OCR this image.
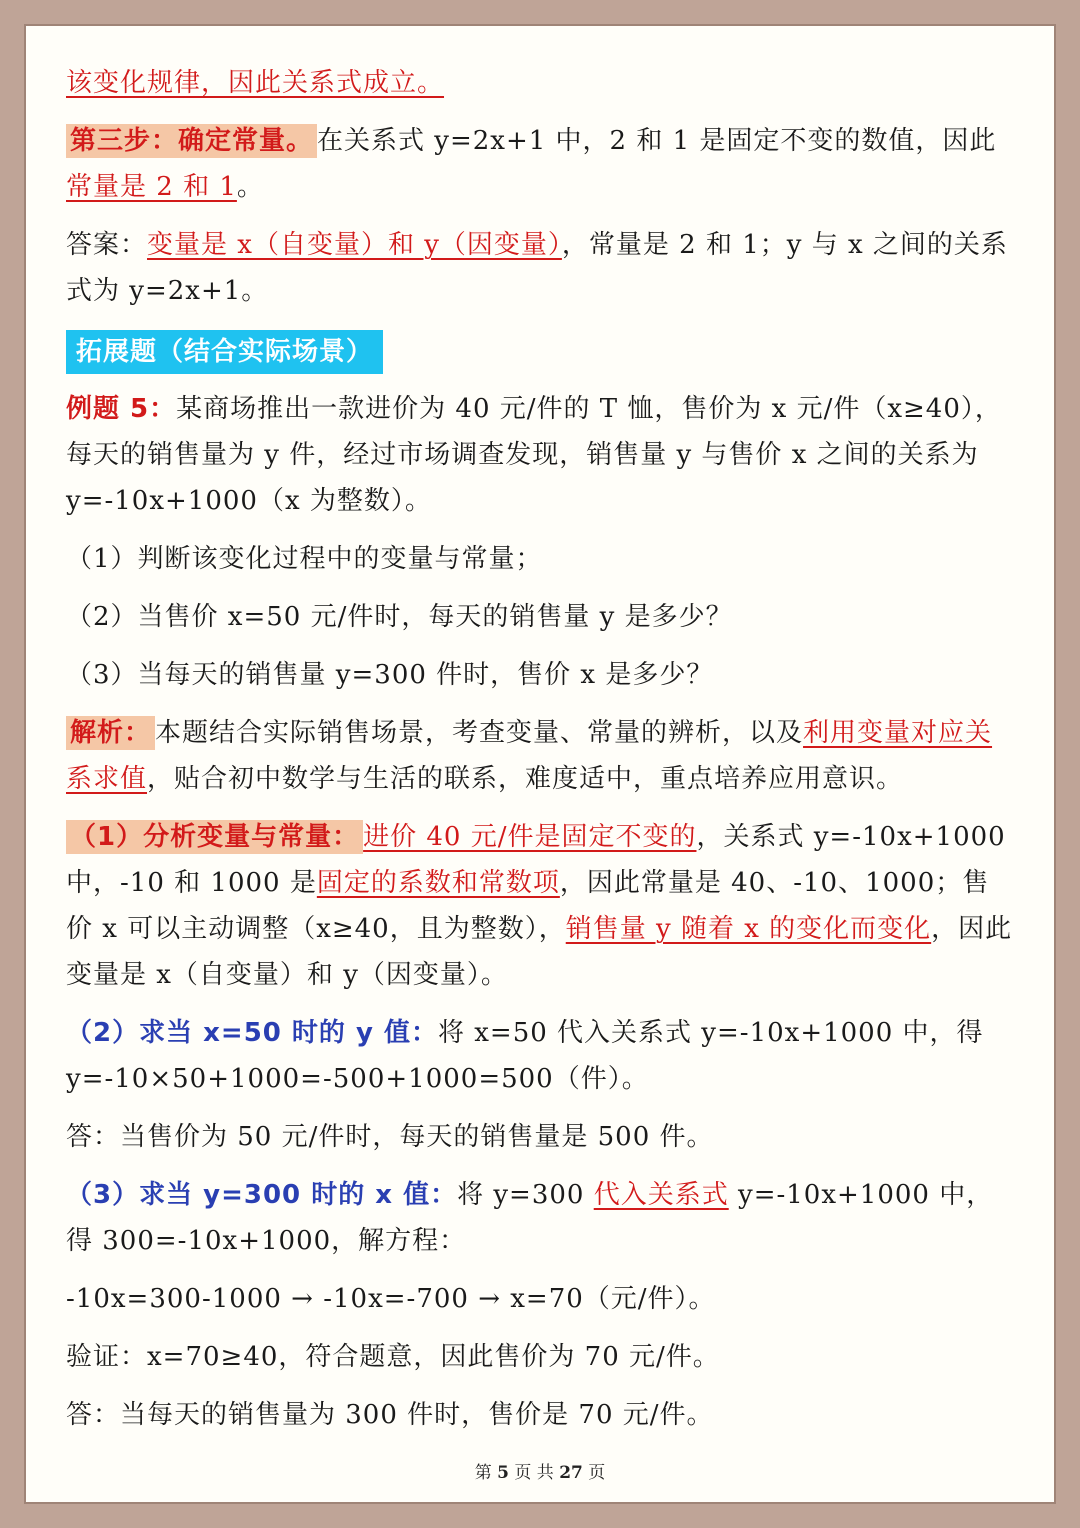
该变化规律，因此关系式成立。

第三步：确定常量。 在关系式 y=2x+1 中，2 和 1 是固定不变的数值，因此常量是 2 和 1。

答案：变量是 x（自变量）和 y（因变量），常量是 2 和 1；y 与 x 之间的关系式为 y=2x+1。

拓展题（结合实际场景）

例题 5：某商场推出一款进价为 40 元/件的 T 恤，售价为 x 元/件（x≥40），每天的销售量为 y 件，经过市场调查发现，销售量 y 与售价 x 之间的关系为 y=-10x+1000（x 为整数）。

（1）判断该变化过程中的变量与常量；

（2）当售价 x=50 元/件时，每天的销售量 y 是多少？

（3）当每天的销售量 y=300 件时，售价 x 是多少？

解析： 本题结合实际销售场景，考查变量、常量的辨析，以及利用变量对应关系求值，贴合初中数学与生活的联系，难度适中，重点培养应用意识。

（1）分析变量与常量： 进价 40 元/件是固定不变的，关系式 y=-10x+1000 中，-10 和 1000 是固定的系数和常数项，因此常量是 40、-10、1000；售价 x 可以主动调整（x≥40，且为整数），销售量 y 随着 x 的变化而变化，因此变量是 x（自变量）和 y（因变量）。

（2）求当 x=50 时的 y 值：将 x=50 代入关系式 y=-10x+1000 中，得 y=-10×50+1000=-500+1000=500（件）。

答：当售价为 50 元/件时，每天的销售量是 500 件。

（3）求当 y=300 时的 x 值：将 y=300 代入关系式 y=-10x+1000 中，得 300=-10x+1000，解方程：

-10x=300-1000 → -10x=-700 → x=70（元/件）。

验证：x=70≥40，符合题意，因此售价为 70 元/件。

答：当每天的销售量为 300 件时，售价是 70 元/件。

第 5 页 共 27 页
